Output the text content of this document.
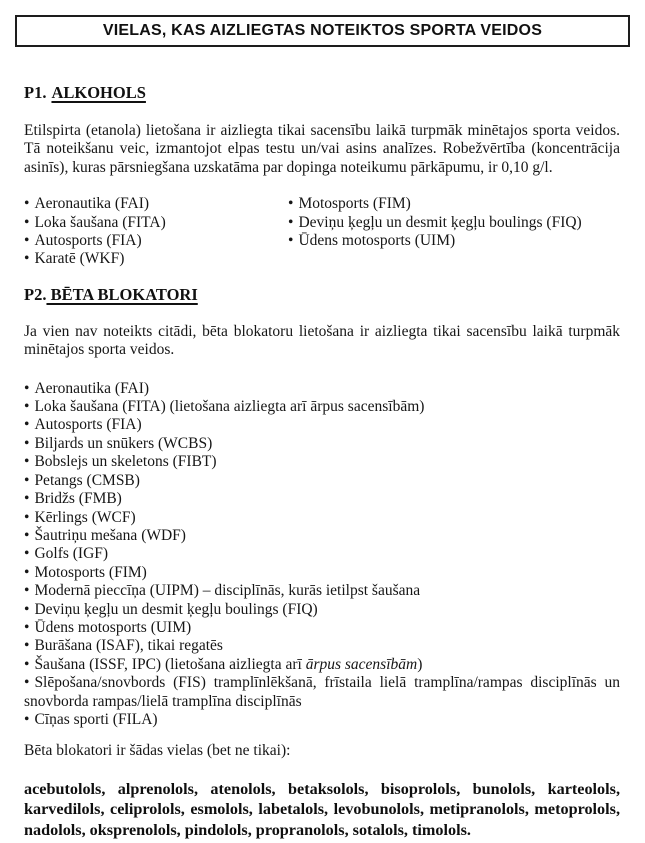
VIELAS, KAS AIZLIEGTAS NOTEIKTOS SPORTA VEIDOS
P1. ALKOHOLS

Etilspirta (etanola) lietošana ir aizliegta tikai sacensību laikā turpmāk minētajos sporta veidos. Tā noteikšanu veic, izmantojot elpas testu un/vai asins analīzes. Robežvērtība (koncentrācija asinīs), kuras pārsniegšana uzskatāma par dopinga noteikumu pārkāpumu, ir 0,10 g/l.

• Aeronautika (FAI)
• Loka šaušana (FITA)
• Autosports (FIA)
• Karatē (WKF)
• Motosports (FIM)
• Deviņu ķegļu un desmit ķegļu boulings (FIQ)
• Ūdens motosports (UIM)
P2. BĒTA BLOKATORI

Ja vien nav noteikts citādi, bēta blokatoru lietošana ir aizliegta tikai sacensību laikā turpmāk minētajos sporta veidos.

• Aeronautika (FAI)
• Loka šaušana (FITA) (lietošana aizliegta arī ārpus sacensībām)
• Autosports (FIA)
• Biljards un snūkers (WCBS)
• Bobslejs un skeletons (FIBT)
• Petangs (CMSB)
• Bridžs (FMB)
• Kērlings (WCF)
• Šautriņu mešana (WDF)
• Golfs (IGF)
• Motosports (FIM)
• Modernā pieccīņa (UIPM) – disciplīnās, kurās ietilpst šaušana
• Deviņu ķegļu un desmit ķegļu boulings (FIQ)
• Ūdens motosports (UIM)
• Burāšana (ISAF), tikai regatēs
• Šaušana (ISSF, IPC) (lietošana aizliegta arī ārpus sacensībām)
• Slēpošana/snovbords (FIS) tramplīnlēkšanā, frīstaila lielā tramplīna/rampas disciplīnās un snovborda rampas/lielā tramplīna disciplīnās
• Cīņas sporti (FILA)

Bēta blokatori ir šādas vielas (bet ne tikai):

acebutolols, alprenolols, atenolols, betaksolols, bisoprolols, bunolols, karteolols, karvedilols, celiprolols, esmolols, labetalols, levobunolols, metipranolols, metoprolols, nadolols, oksprenolols, pindolols, propranolols, sotalols, timolols.
